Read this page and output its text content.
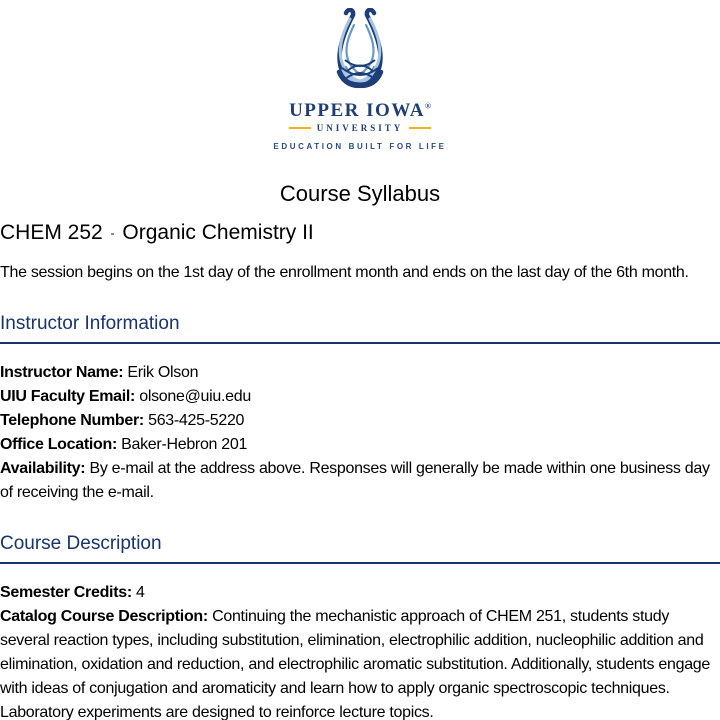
UPPER IOWA®
UNIVERSITY
EDUCATION BUILT FOR LIFE
Course Syllabus
CHEM 252 - Organic Chemistry II

The session begins on the 1st day of the enrollment month and ends on the last day of the 6th month.

Instructor Information

Instructor Name: Erik Olson

UIU Faculty Email: olsone@uiu.edu

Telephone Number: 563-425-5220

Office Location: Baker-Hebron 201

Availability: By e-mail at the address above. Responses will generally be made within one business day of receiving the e-mail.

Course Description

Semester Credits: 4

Catalog Course Description: Continuing the mechanistic approach of CHEM 251, students study several reaction types, including substitution, elimination, electrophilic addition, nucleophilic addition and elimination, oxidation and reduction, and electrophilic aromatic substitution. Additionally, students engage with ideas of conjugation and aromaticity and learn how to apply organic spectroscopic techniques. Laboratory experiments are designed to reinforce lecture topics.
